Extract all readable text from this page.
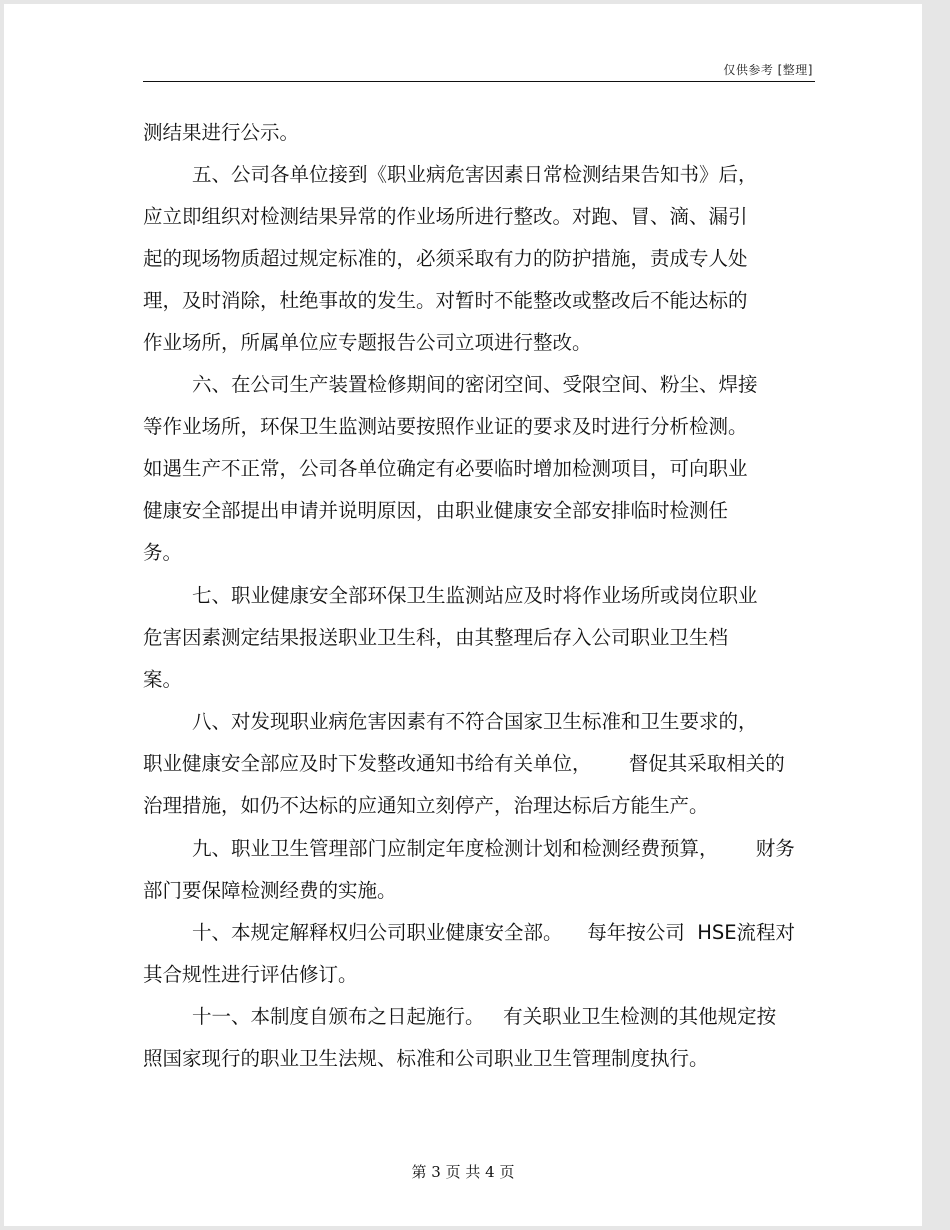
仅供参考 [整理]
测结果进行公示。
五、公司各单位接到《职业病危害因素日常检测结果告知书》后，
应立即组织对检测结果异常的作业场所进行整改。对跑、冒、滴、漏引
起的现场物质超过规定标准的，必须采取有力的防护措施，责成专人处
理，及时消除，杜绝事故的发生。对暂时不能整改或整改后不能达标的
作业场所，所属单位应专题报告公司立项进行整改。
六、在公司生产装置检修期间的密闭空间、受限空间、粉尘、焊接
等作业场所，环保卫生监测站要按照作业证的要求及时进行分析检测。
如遇生产不正常，公司各单位确定有必要临时增加检测项目，可向职业
健康安全部提出申请并说明原因，由职业健康安全部安排临时检测任
务。
七、职业健康安全部环保卫生监测站应及时将作业场所或岗位职业
危害因素测定结果报送职业卫生科，由其整理后存入公司职业卫生档
案。
八、对发现职业病危害因素有不符合国家卫生标准和卫生要求的，
职业健康安全部应及时下发整改通知书给有关单位，      督促其采取相关的
治理措施，如仍不达标的应通知立刻停产，治理达标后方能生产。
九、职业卫生管理部门应制定年度检测计划和检测经费预算，      财务
部门要保障检测经费的实施。
十、本规定解释权归公司职业健康安全部。    每年按公司  HSE流程对
其合规性进行评估修订。
十一、本制度自颁布之日起施行。   有关职业卫生检测的其他规定按
照国家现行的职业卫生法规、标准和公司职业卫生管理制度执行。
第 3 页 共 4 页
